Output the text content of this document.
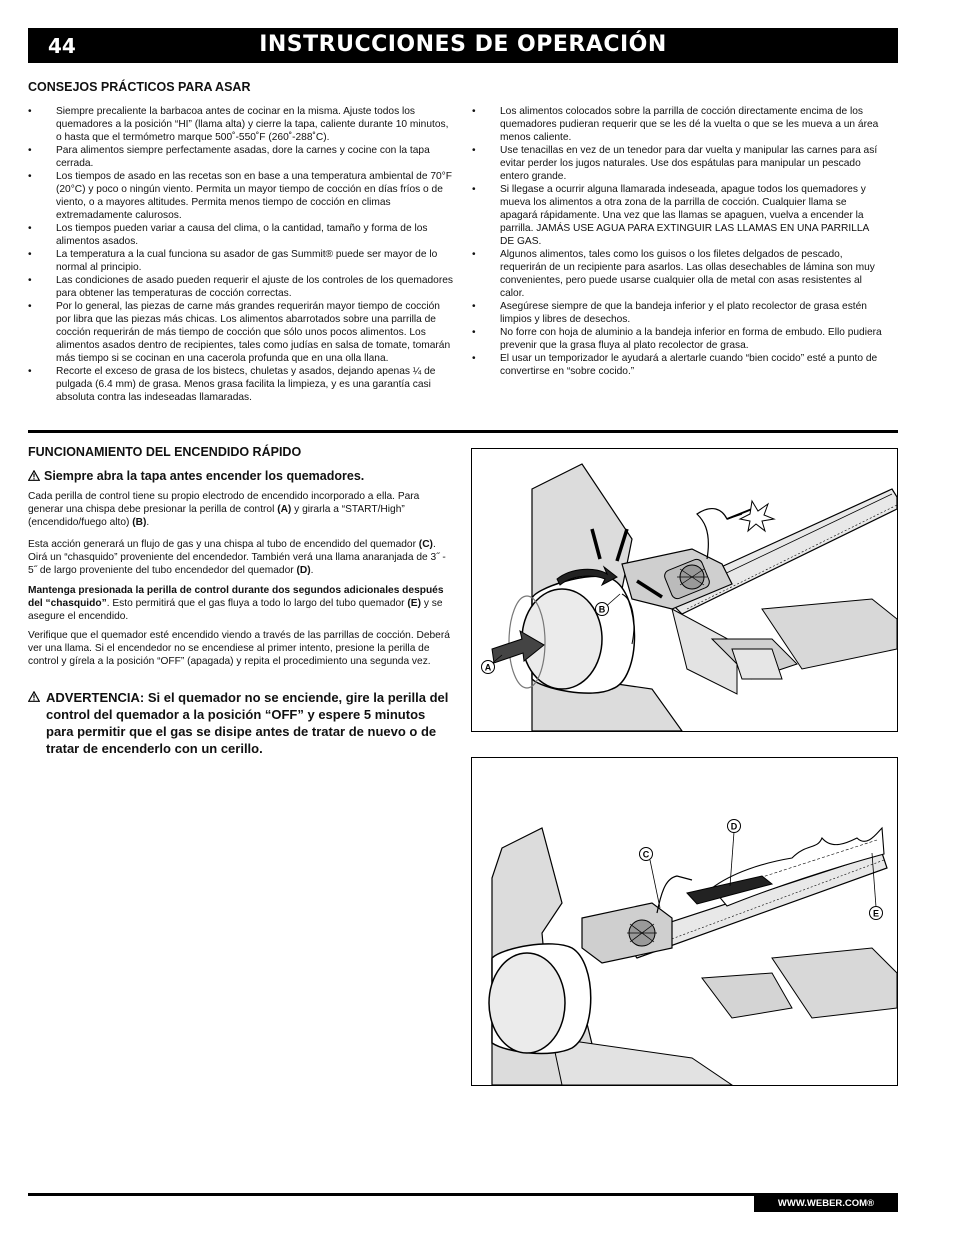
44	INSTRUCCIONES DE OPERACIÓN
CONSEJOS PRÁCTICOS PARA ASAR
• Siempre precaliente la barbacoa antes de cocinar en la misma. Ajuste todos los quemadores a la posición “HI” (llama alta) y cierre la tapa, caliente durante 10 minutos, o hasta que el termómetro marque 500˚-550˚F (260˚-288˚C).
• Para alimentos siempre perfectamente asadas, dore la carnes y cocine con la tapa cerrada.
• Los tiempos de asado en las recetas son en base a una temperatura ambiental de 70°F (20°C) y poco o ningún viento. Permita un mayor tiempo de cocción en días fríos o de viento, o a mayores altitudes. Permita menos tiempo de cocción en climas extremadamente calurosos.
• Los tiempos pueden variar a causa del clima, o la cantidad, tamaño y forma de los alimentos asados.
• La temperatura a la cual funciona su asador de gas Summit® puede ser mayor de lo normal al principio.
• Las condiciones de asado pueden requerir el ajuste de los controles de los quemadores para obtener las temperaturas de cocción correctas.
• Por lo general, las piezas de carne más grandes requerirán mayor tiempo de cocción por libra que las piezas más chicas. Los alimentos abarrotados sobre una parrilla de cocción requerirán de más tiempo de cocción que sólo unos pocos alimentos. Los alimentos asados dentro de recipientes, tales como judías en salsa de tomate, tomarán más tiempo si se cocinan en una cacerola profunda que en una olla llana.
• Recorte el exceso de grasa de los bistecs, chuletas y asados, dejando apenas ¼ de pulgada (6.4 mm) de grasa. Menos grasa facilita la limpieza, y es una garantía casi absoluta contra las indeseadas llamaradas.
• Los alimentos colocados sobre la parrilla de cocción directamente encima de los quemadores pudieran requerir que se les dé la vuelta o que se les mueva a un área menos caliente.
• Use tenacillas en vez de un tenedor para dar vuelta y manipular las carnes para así evitar perder los jugos naturales. Use dos espátulas para manipular un pescado entero grande.
• Si llegase a ocurrir alguna llamarada indeseada, apague todos los quemadores y mueva los alimentos a otra zona de la parrilla de cocción. Cualquier llama se apagará rápidamente. Una vez que las llamas se apaguen, vuelva a encender la parrilla. JAMÁS USE AGUA PARA EXTINGUIR LAS LLAMAS EN UNA PARRILLA DE GAS.
• Algunos alimentos, tales como los guisos o los filetes delgados de pescado, requerirán de un recipiente para asarlos. Las ollas desechables de lámina son muy convenientes, pero puede usarse cualquier olla de metal con asas resistentes al calor.
• Asegúrese siempre de que la bandeja inferior y el plato recolector de grasa estén limpios y libres de desechos.
• No forre con hoja de aluminio a la bandeja inferior en forma de embudo. Ello pudiera prevenir que la grasa fluya al plato recolector de grasa.
• El usar un temporizador le ayudará a alertarle cuando “bien cocido” esté a punto de convertirse en “sobre cocido.”
FUNCIONAMIENTO DEL ENCENDIDO RÁPIDO
Siempre abra la tapa antes encender los quemadores.

Cada perilla de control tiene su propio electrodo de encendido incorporado a ella. Para generar una chispa debe presionar la perilla de control (A) y girarla a “START/High” (encendido/fuego alto) (B).

Esta acción generará un flujo de gas y una chispa al tubo de encendido del quemador (C). Oirá un “chasquido” proveniente del encendedor. También verá una llama anaranjada de 3˝ - 5˝ de largo proveniente del tubo encendedor del quemador (D).

Mantenga presionada la perilla de control durante dos segundos adicionales después del “chasquido”. Esto permitirá que el gas fluya a todo lo largo del tubo quemador (E) y se asegure el encendido.

Verifique que el quemador esté encendido viendo a través de las parrillas de cocción. Deberá ver una llama. Si el encendedor no se encendiese al primer intento, presione la perilla de control y gírela a la posición “OFF” (apagada) y repita el procedimiento una segunda vez.

ADVERTENCIA: Si el quemador no se enciende, gire la perilla del control del quemador a la posición “OFF” y espere 5 minutos para permitir que el gas se disipe antes de tratar de nuevo o de tratar de encenderlo con un cerillo.
B
A
C
D
E
WWW.WEBER.COM®
